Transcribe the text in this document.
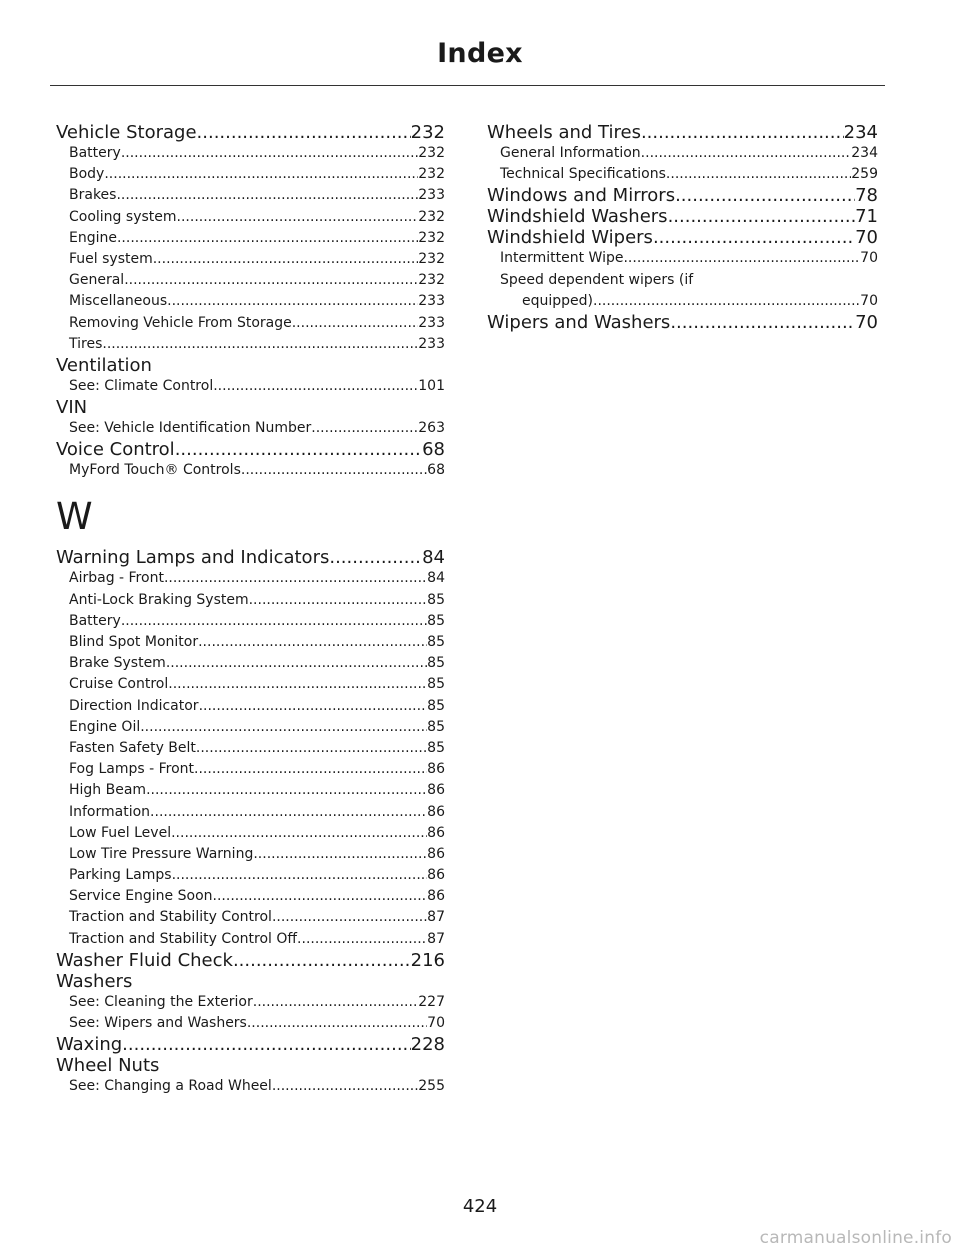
Index
Vehicle Storage .....	232
Battery .....	232
Body .....	232
Brakes .....	233
Cooling system .....	232
Engine .....	232
Fuel system .....	232
General .....	232
Miscellaneous .....	233
Removing Vehicle From Storage .....	233
Tires .....	233
Ventilation
See: Climate Control .....	101
VIN
See: Vehicle Identification Number .....	263
Voice Control .....	68
MyFord Touch® Controls .....	68
W
Warning Lamps and Indicators .....	84
Airbag - Front .....	84
Anti-Lock Braking System .....	85
Battery .....	85
Blind Spot Monitor .....	85
Brake System .....	85
Cruise Control .....	85
Direction Indicator .....	85
Engine Oil .....	85
Fasten Safety Belt .....	85
Fog Lamps - Front .....	86
High Beam .....	86
Information .....	86
Low Fuel Level .....	86
Low Tire Pressure Warning .....	86
Parking Lamps .....	86
Service Engine Soon .....	86
Traction and Stability Control .....	87
Traction and Stability Control Off .....	87
Washer Fluid Check .....	216
Washers
See: Cleaning the Exterior .....	227
See: Wipers and Washers .....	70
Waxing .....	228
Wheel Nuts
See: Changing a Road Wheel .....	255
Wheels and Tires .....	234
General Information .....	234
Technical Specifications .....	259
Windows and Mirrors .....	78
Windshield Washers .....	71
Windshield Wipers .....	70
Intermittent Wipe .....	70
Speed dependent wipers (if
equipped) .....	70
Wipers and Washers .....	70
424
carmanualsonline.info
